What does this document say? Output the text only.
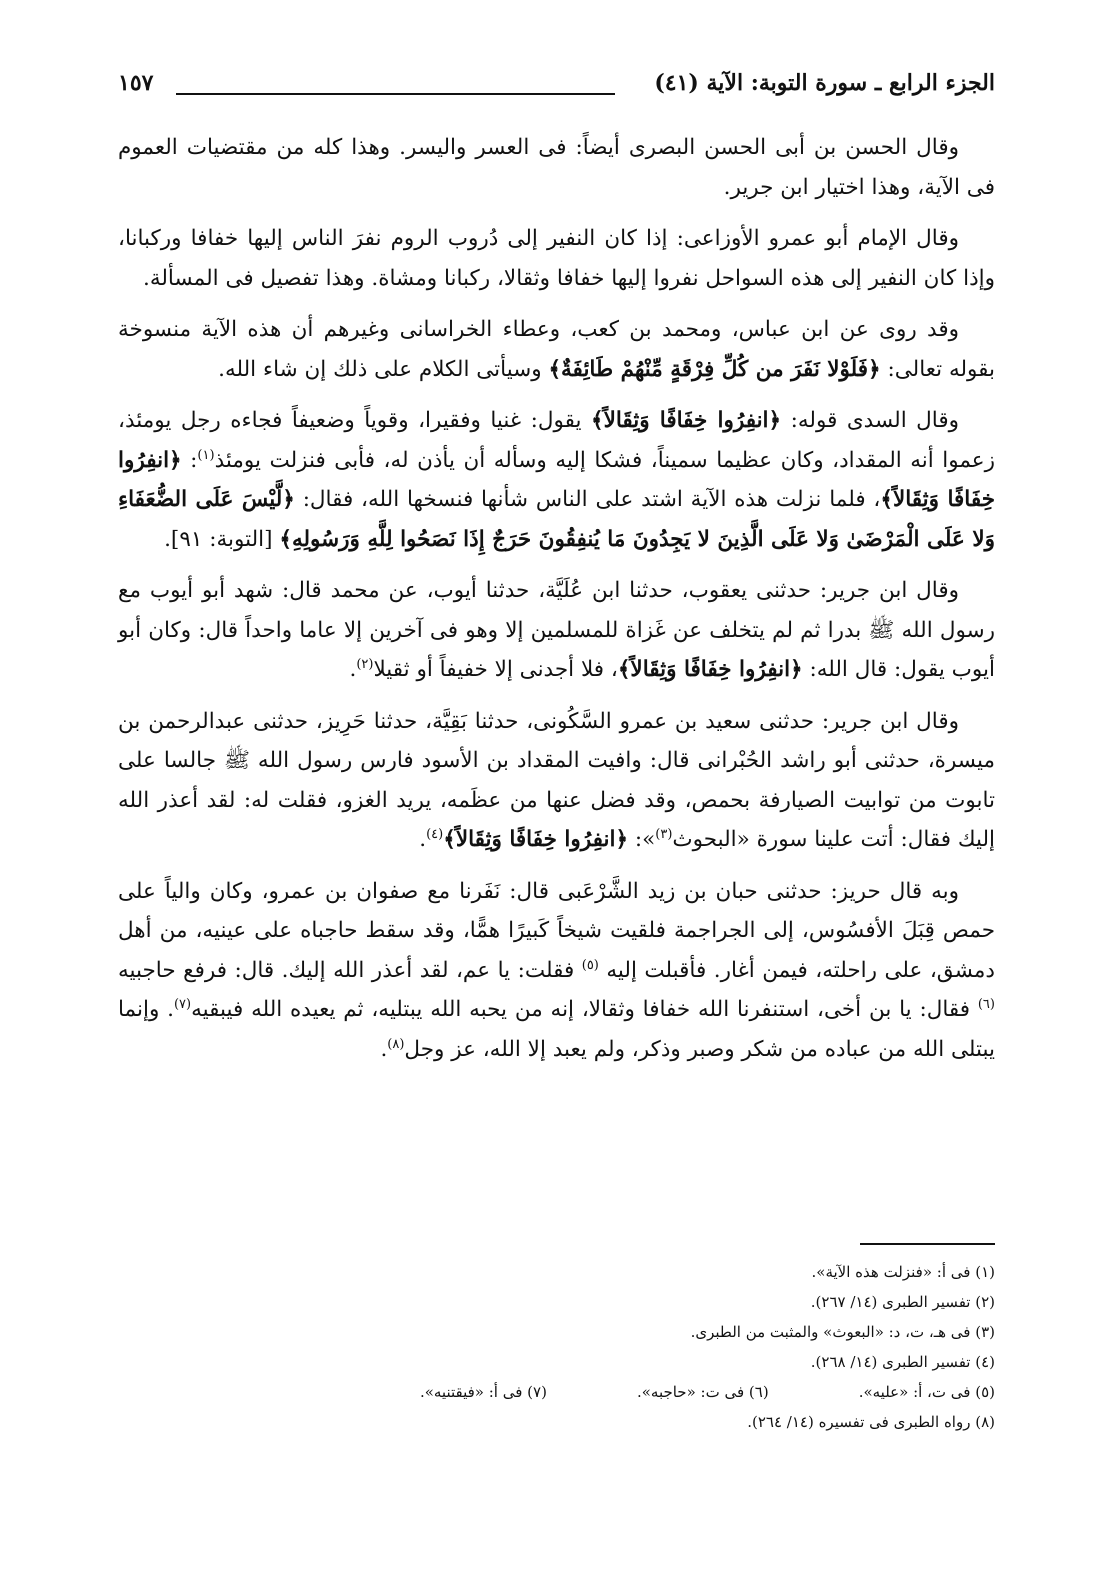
الجزء الرابع ـ سورة التوبة: الآية (٤١)
١٥٧

وقال الحسن بن أبى الحسن البصرى أيضاً: فى العسر واليسر. وهذا كله من مقتضيات العموم فى الآية، وهذا اختيار ابن جرير.

وقال الإمام أبو عمرو الأوزاعى: إذا كان النفير إلى دُروب الروم نفرَ الناس إليها خفافا وركبانا، وإذا كان النفير إلى هذه السواحل نفروا إليها خفافا وثقالا، ركبانا ومشاة. وهذا تفصيل فى المسألة.

وقد روى عن ابن عباس، ومحمد بن كعب، وعطاء الخراسانى وغيرهم أن هذه الآية منسوخة بقوله تعالى: ﴿فَلَوْلا نَفَرَ من كُلِّ فِرْقَةٍ مِّنْهُمْ طَائِفَةٌ﴾ وسيأتى الكلام على ذلك إن شاء الله.

وقال السدى قوله: ﴿انفِرُوا خِفَافًا وَثِقَالاً﴾ يقول: غنيا وفقيرا، وقوياً وضعيفاً فجاءه رجل يومئذ، زعموا أنه المقداد، وكان عظيما سميناً، فشكا إليه وسأله أن يأذن له، فأبى فنزلت يومئذ$^{(١)}$: ﴿انفِرُوا خِفَافًا وَثِقَالاً﴾، فلما نزلت هذه الآية اشتد على الناس شأنها فنسخها الله، فقال: ﴿لَّيْسَ عَلَى الضُّعَفَاءِ وَلا عَلَى الْمَرْضَىٰ وَلا عَلَى الَّذِينَ لا يَجِدُونَ مَا يُنفِقُونَ حَرَجٌ إِذَا نَصَحُوا لِلَّهِ وَرَسُولِهِ﴾ [التوبة: ٩١].

وقال ابن جرير: حدثنى يعقوب، حدثنا ابن عُلَيَّة، حدثنا أيوب، عن محمد قال: شهد أبو أيوب مع رسول الله ﷺ بدرا ثم لم يتخلف عن غَزاة للمسلمين إلا وهو فى آخرين إلا عاما واحداً قال: وكان أبو أيوب يقول: قال الله: ﴿انفِرُوا خِفَافًا وَثِقَالاً﴾، فلا أجدنى إلا خفيفاً أو ثقيلا$^{(٢)}$.

وقال ابن جرير: حدثنى سعيد بن عمرو السَّكُونى، حدثنا بَقِيَّة، حدثنا حَرِيز، حدثنى عبدالرحمن بن ميسرة، حدثنى أبو راشد الحُبْرانى قال: وافيت المقداد بن الأسود فارس رسول الله ﷺ جالسا على تابوت من توابيت الصيارفة بحمص، وقد فضل عنها من عظَمه، يريد الغزو، فقلت له: لقد أعذر الله إليك فقال: أتت علينا سورة «البحوث$^{(٣)}$»: ﴿انفِرُوا خِفَافًا وَثِقَالاً﴾$^{(٤)}$.

وبه قال حريز: حدثنى حبان بن زيد الشَّرْعَبى قال: نَفَرنا مع صفوان بن عمرو، وكان والياً على حمص قِبَلَ الأفسُوس، إلى الجراجمة فلقيت شيخاً كَبيرًا همًّا، وقد سقط حاجباه على عينيه، من أهل دمشق، على راحلته، فيمن أغار. فأقبلت إليه $^{(٥)}$ فقلت: يا عم، لقد أعذر الله إليك. قال: فرفع حاجبيه $^{(٦)}$ فقال: يا بن أخى، استنفرنا الله خفافا وثقالا، إنه من يحبه الله يبتليه، ثم يعيده الله فيبقيه$^{(٧)}$. وإنما يبتلى الله من عباده من شكر وصبر وذكر، ولم يعبد إلا الله، عز وجل$^{(٨)}$.

(١) فى أ: «فنزلت هذه الآية».
(٢) تفسير الطبرى (١٤/ ٢٦٧).
(٣) فى هـ، ت، د: «البعوث» والمثبت من الطبرى.
(٤) تفسير الطبرى (١٤/ ٢٦٨).
(٥) فى ت، أ: «عليه».
(٦) فى ت: «حاجبه».
(٧) فى أ: «فيقتنيه».
(٨) رواه الطبرى فى تفسيره (١٤/ ٢٦٤).
